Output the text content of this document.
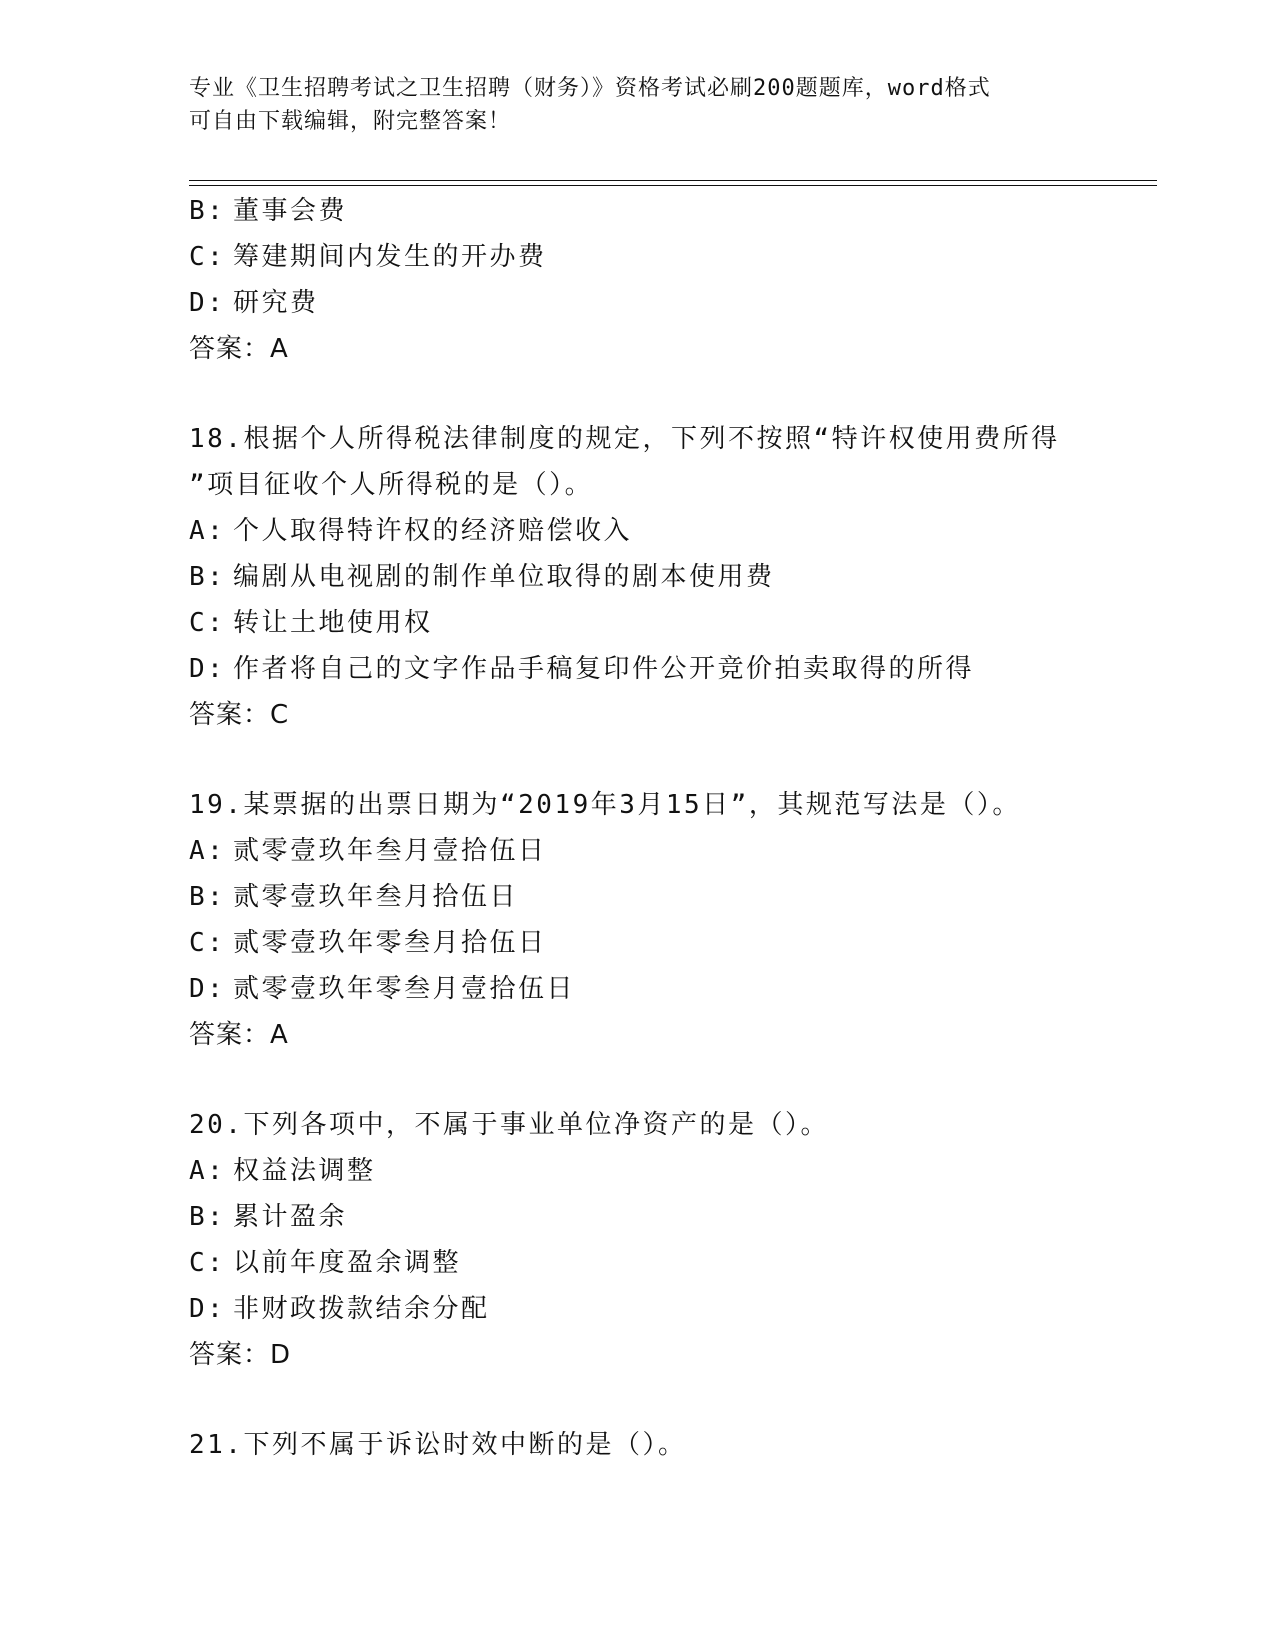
专业《卫生招聘考试之卫生招聘（财务）》资格考试必刷200题题库，word格式
可自由下载编辑，附完整答案！
B: 董事会费
C: 筹建期间内发生的开办费
D: 研究费
答案：A
18.根据个人所得税法律制度的规定，下列不按照“特许权使用费所得
”项目征收个人所得税的是（）。
A: 个人取得特许权的经济赔偿收入
B: 编剧从电视剧的制作单位取得的剧本使用费
C: 转让土地使用权
D: 作者将自己的文字作品手稿复印件公开竞价拍卖取得的所得
答案：C
19.某票据的出票日期为“2019年3月15日”，其规范写法是（）。
A: 贰零壹玖年叁月壹拾伍日
B: 贰零壹玖年叁月拾伍日
C: 贰零壹玖年零叁月拾伍日
D: 贰零壹玖年零叁月壹拾伍日
答案：A
20.下列各项中，不属于事业单位净资产的是（）。
A: 权益法调整
B: 累计盈余
C: 以前年度盈余调整
D: 非财政拨款结余分配
答案：D
21.下列不属于诉讼时效中断的是（）。
